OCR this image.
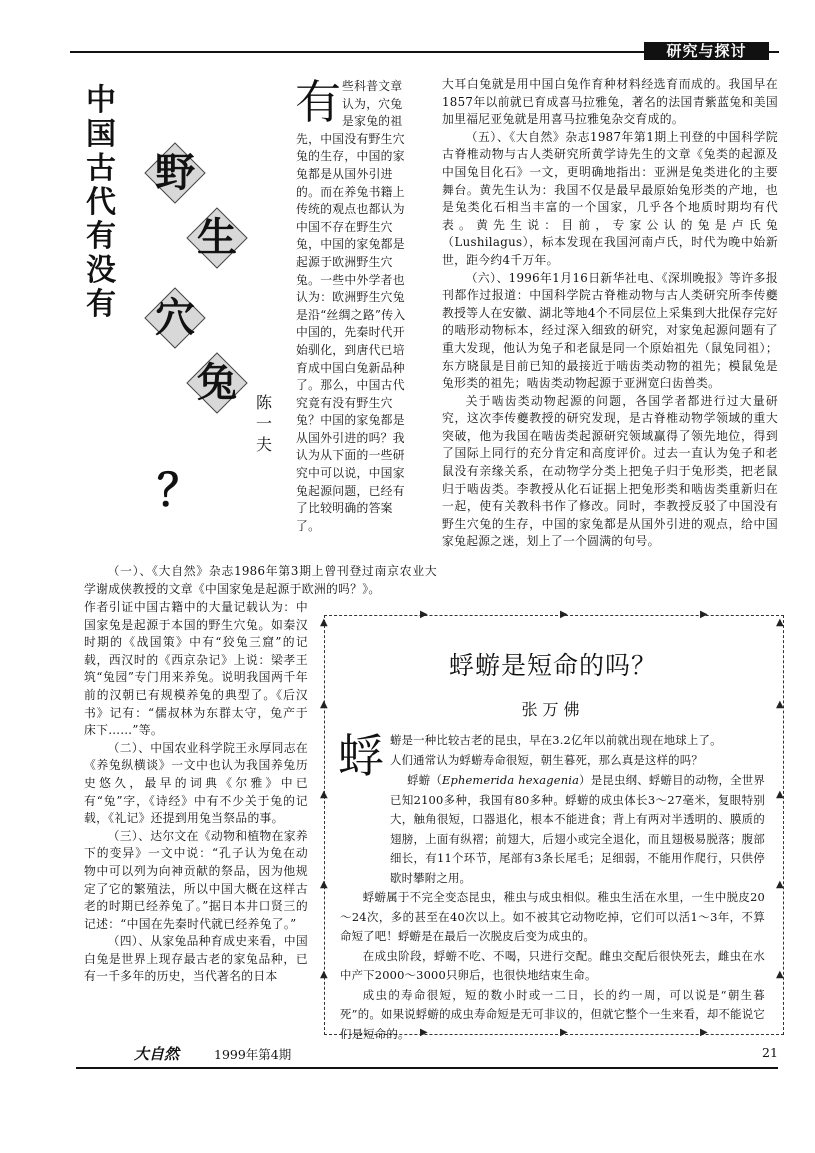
研究与探讨
中国古代有没有
野
生
穴
兔
？
陈一夫
有 些科普文章
认为，穴兔
是家兔的祖
先，中国没有野生穴
兔的生存，中国的家
兔都是从国外引进
的。而在养兔书籍上
传统的观点也都认为
中国不存在野生穴
兔，中国的家兔都是
起源于欧洲野生穴
兔。一些中外学者也
认为：欧洲野生穴兔
是沿“丝绸之路”传入
中国的，先秦时代开
始驯化，到唐代已培
育成中国白兔新品种
了。那么，中国古代
究竟有没有野生穴
兔？中国的家兔都是
从国外引进的吗？我
认为从下面的一些研
究中可以说，中国家
兔起源问题，已经有
了比较明确的答案
了。

（一）、《大自然》杂志1986年第3期上曾刊登过南京农业大学谢成侠教授的文章《中国家兔是起源于欧洲的吗？》。

作者引证中国古籍中的大量记载认为：中国家兔是起源于本国的野生穴兔。如秦汉时期的《战国策》中有“狡兔三窟”的记载，西汉时的《西京杂记》上说：梁孝王筑“兔园”专门用来养兔。说明我国两千年前的汉朝已有规模养兔的典型了。《后汉书》记有：“儒叔林为东群太守，兔产于床下……”等。

（二）、中国农业科学院王永厚同志在《养兔纵横谈》一文中也认为我国养兔历史悠久，最早的词典《尔雅》中已有“兔”字，《诗经》中有不少关于兔的记载，《礼记》还提到用兔当祭品的事。

（三）、达尔文在《动物和植物在家养下的变异》一文中说：“孔子认为兔在动物中可以列为向神贡献的祭品，因为他规定了它的繁殖法，所以中国大概在这样古老的时期已经养兔了。”据日本井口贤三的记述：“中国在先秦时代就已经养兔了。”

（四）、从家兔品种育成史来看，中国白兔是世界上现存最古老的家兔品种，已有一千多年的历史，当代著名的日本

大耳白兔就是用中国白兔作育种材料经选育而成的。我国早在1857年以前就已育成喜马拉雅兔，著名的法国青紫蓝兔和美国加里福尼亚兔就是用喜马拉雅兔杂交育成的。

（五）、《大自然》杂志1987年第1期上刊登的中国科学院古脊椎动物与古人类研究所黄学诗先生的文章《兔类的起源及中国兔目化石》一文，更明确地指出：亚洲是兔类进化的主要舞台。黄先生认为：我国不仅是最早最原始兔形类的产地，也是兔类化石相当丰富的一个国家，几乎各个地质时期均有代表。黄先生说：目前，专家公认的兔是卢氏兔（Lushilagus），标本发现在我国河南卢氏，时代为晚中始新世，距今约4千万年。

（六）、1996年1月16日新华社电、《深圳晚报》等许多报刊都作过报道：中国科学院古脊椎动物与古人类研究所李传夔教授等人在安徽、湖北等地4个不同层位上采集到大批保存完好的啮形动物标本，经过深入细致的研究，对家兔起源问题有了重大发现，他认为兔子和老鼠是同一个原始祖先（鼠兔同祖）；东方晓鼠是目前已知的最接近于啮齿类动物的祖先；模鼠兔是兔形类的祖先；啮齿类动物起源于亚洲宽臼齿兽类。

关于啮齿类动物起源的问题，各国学者都进行过大量研究，这次李传夔教授的研究发现，是古脊椎动物学领域的重大突破，他为我国在啮齿类起源研究领域赢得了领先地位，得到了国际上同行的充分肯定和高度评价。过去一直认为兔子和老鼠没有亲缘关系，在动物学分类上把兔子归于兔形类，把老鼠归于啮齿类。李教授从化石证据上把兔形类和啮齿类重新归在一起，使有关教科书作了修改。同时，李教授反驳了中国没有野生穴兔的生存，中国的家兔都是从国外引进的观点，给中国家兔起源之迷，划上了一个圆满的句号。

▲	▲
▲	▲
▲	▲
▲	▲
▲	▲
▶	▶	▶
▶	▶	▶
蜉蝣是短命的吗？
张万佛
蜉 蝣是一种比较古老的昆虫，早在3.2亿年以前就出现在地球上了。
人们通常认为蜉蝣寿命很短，朝生暮死，那么真是这样的吗？

蜉蝣（Ephemerida hexagenia）是昆虫纲、蜉蝣目的动物，全世界已知2100多种，我国有80多种。蜉蝣的成虫体长3～27毫米，复眼特别大，触角很短，口器退化，根本不能进食；背上有两对半透明的、膜质的翅膀，上面有纵褶；前翅大，后翅小或完全退化，而且翅极易脱落；腹部细长，有11个环节，尾部有3条长尾毛；足细弱，不能用作爬行，只供停歇时攀附之用。

蜉蝣属于不完全变态昆虫，稚虫与成虫相似。稚虫生活在水里，一生中脱皮20～24次，多的甚至在40次以上。如不被其它动物吃掉，它们可以活1～3年，不算命短了吧！蜉蝣是在最后一次脱皮后变为成虫的。

在成虫阶段，蜉蝣不吃、不喝，只进行交配。雌虫交配后很快死去，雌虫在水中产下2000～3000只卵后，也很快地结束生命。

成虫的寿命很短，短的数小时或一二日，长的约一周，可以说是“朝生暮死”的。如果说蜉蝣的成虫寿命短是无可非议的，但就它整个一生来看，却不能说它们是短命的。

大自然	1999年第4期	21
